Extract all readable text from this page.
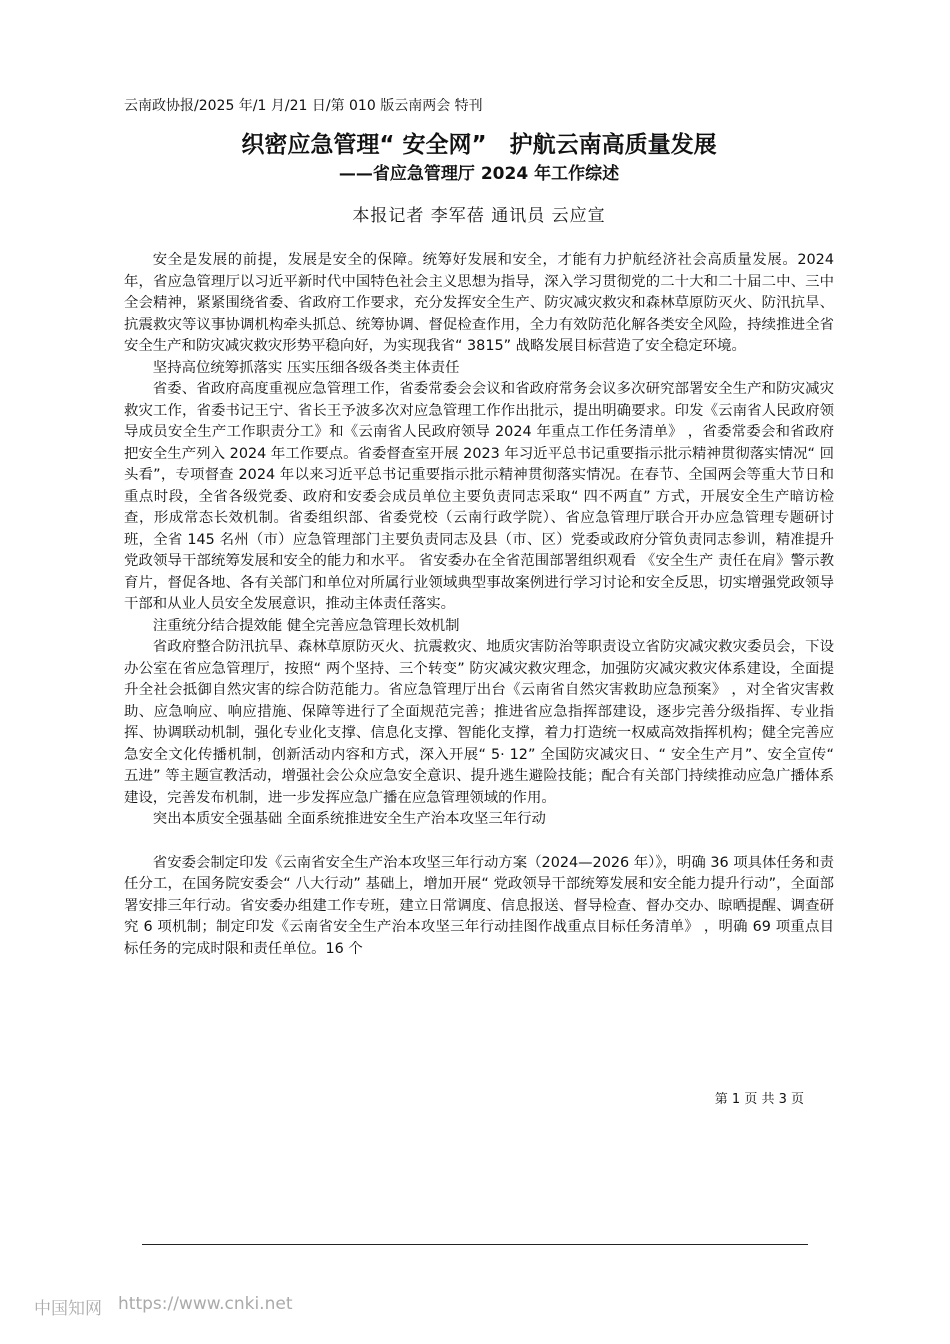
云南政协报/2025 年/1 月/21 日/第 010 版云南两会 特刊

织密应急管理“ 安全网”　护航云南高质量发展
——省应急管理厅 2024 年工作综述
本报记者 李军蓓 通讯员 云应宣

安全是发展的前提，发展是安全的保障。统筹好发展和安全，才能有力护航经济社会高质量发展。2024 年，省应急管理厅以习近平新时代中国特色社会主义思想为指导，深入学习贯彻党的二十大和二十届二中、三中全会精神，紧紧围绕省委、省政府工作要求，充分发挥安全生产、防灾减灾救灾和森林草原防灭火、防汛抗旱、抗震救灾等议事协调机构牵头抓总、统筹协调、督促检查作用，全力有效防范化解各类安全风险，持续推进全省安全生产和防灾减灾救灾形势平稳向好，为实现我省“ 3815” 战略发展目标营造了安全稳定环境。

坚持高位统筹抓落实 压实压细各级各类主体责任

省委、省政府高度重视应急管理工作，省委常委会会议和省政府常务会议多次研究部署安全生产和防灾减灾救灾工作，省委书记王宁、省长王予波多次对应急管理工作作出批示，提出明确要求。印发《云南省人民政府领导成员安全生产工作职责分工》和《云南省人民政府领导 2024 年重点工作任务清单》 ，省委常委会和省政府把安全生产列入 2024 年工作要点。省委督查室开展 2023 年习近平总书记重要指示批示精神贯彻落实情况“ 回头看”，专项督查 2024 年以来习近平总书记重要指示批示精神贯彻落实情况。在春节、全国两会等重大节日和重点时段，全省各级党委、政府和安委会成员单位主要负责同志采取“ 四不两直” 方式，开展安全生产暗访检查，形成常态长效机制。省委组织部、省委党校（云南行政学院）、省应急管理厅联合开办应急管理专题研讨班，全省 145 名州（市）应急管理部门主要负责同志及县（市、区）党委或政府分管负责同志参训，精准提升党政领导干部统筹发展和安全的能力和水平。 省安委办在全省范围部署组织观看 《安全生产 责任在肩》警示教育片，督促各地、各有关部门和单位对所属行业领域典型事故案例进行学习讨论和安全反思，切实增强党政领导干部和从业人员安全发展意识，推动主体责任落实。

注重统分结合提效能 健全完善应急管理长效机制

省政府整合防汛抗旱、森林草原防灭火、抗震救灾、地质灾害防治等职责设立省防灾减灾救灾委员会，下设办公室在省应急管理厅，按照“ 两个坚持、三个转变” 防灾减灾救灾理念，加强防灾减灾救灾体系建设，全面提升全社会抵御自然灾害的综合防范能力。省应急管理厅出台《云南省自然灾害救助应急预案》 ，对全省灾害救助、应急响应、响应措施、保障等进行了全面规范完善；推进省应急指挥部建设，逐步完善分级指挥、专业指挥、协调联动机制，强化专业化支撑、信息化支撑、智能化支撑，着力打造统一权威高效指挥机构；健全完善应急安全文化传播机制，创新活动内容和方式，深入开展“ 5· 12” 全国防灾减灾日、“ 安全生产月”、安全宣传“ 五进” 等主题宣教活动，增强社会公众应急安全意识、提升逃生避险技能；配合有关部门持续推动应急广播体系建设，完善发布机制，进一步发挥应急广播在应急管理领域的作用。

突出本质安全强基础 全面系统推进安全生产治本攻坚三年行动

省安委会制定印发《云南省安全生产治本攻坚三年行动方案（2024—2026 年）》，明确 36 项具体任务和责任分工，在国务院安委会“ 八大行动” 基础上，增加开展“ 党政领导干部统筹发展和安全能力提升行动”，全面部署安排三年行动。省安委办组建工作专班，建立日常调度、信息报送、督导检查、督办交办、晾晒提醒、调查研究 6 项机制；制定印发《云南省安全生产治本攻坚三年行动挂图作战重点目标任务清单》 ，明确 69 项重点目标任务的完成时限和责任单位。16 个

第 1 页 共 3 页
中国知网 https://www.cnki.net
